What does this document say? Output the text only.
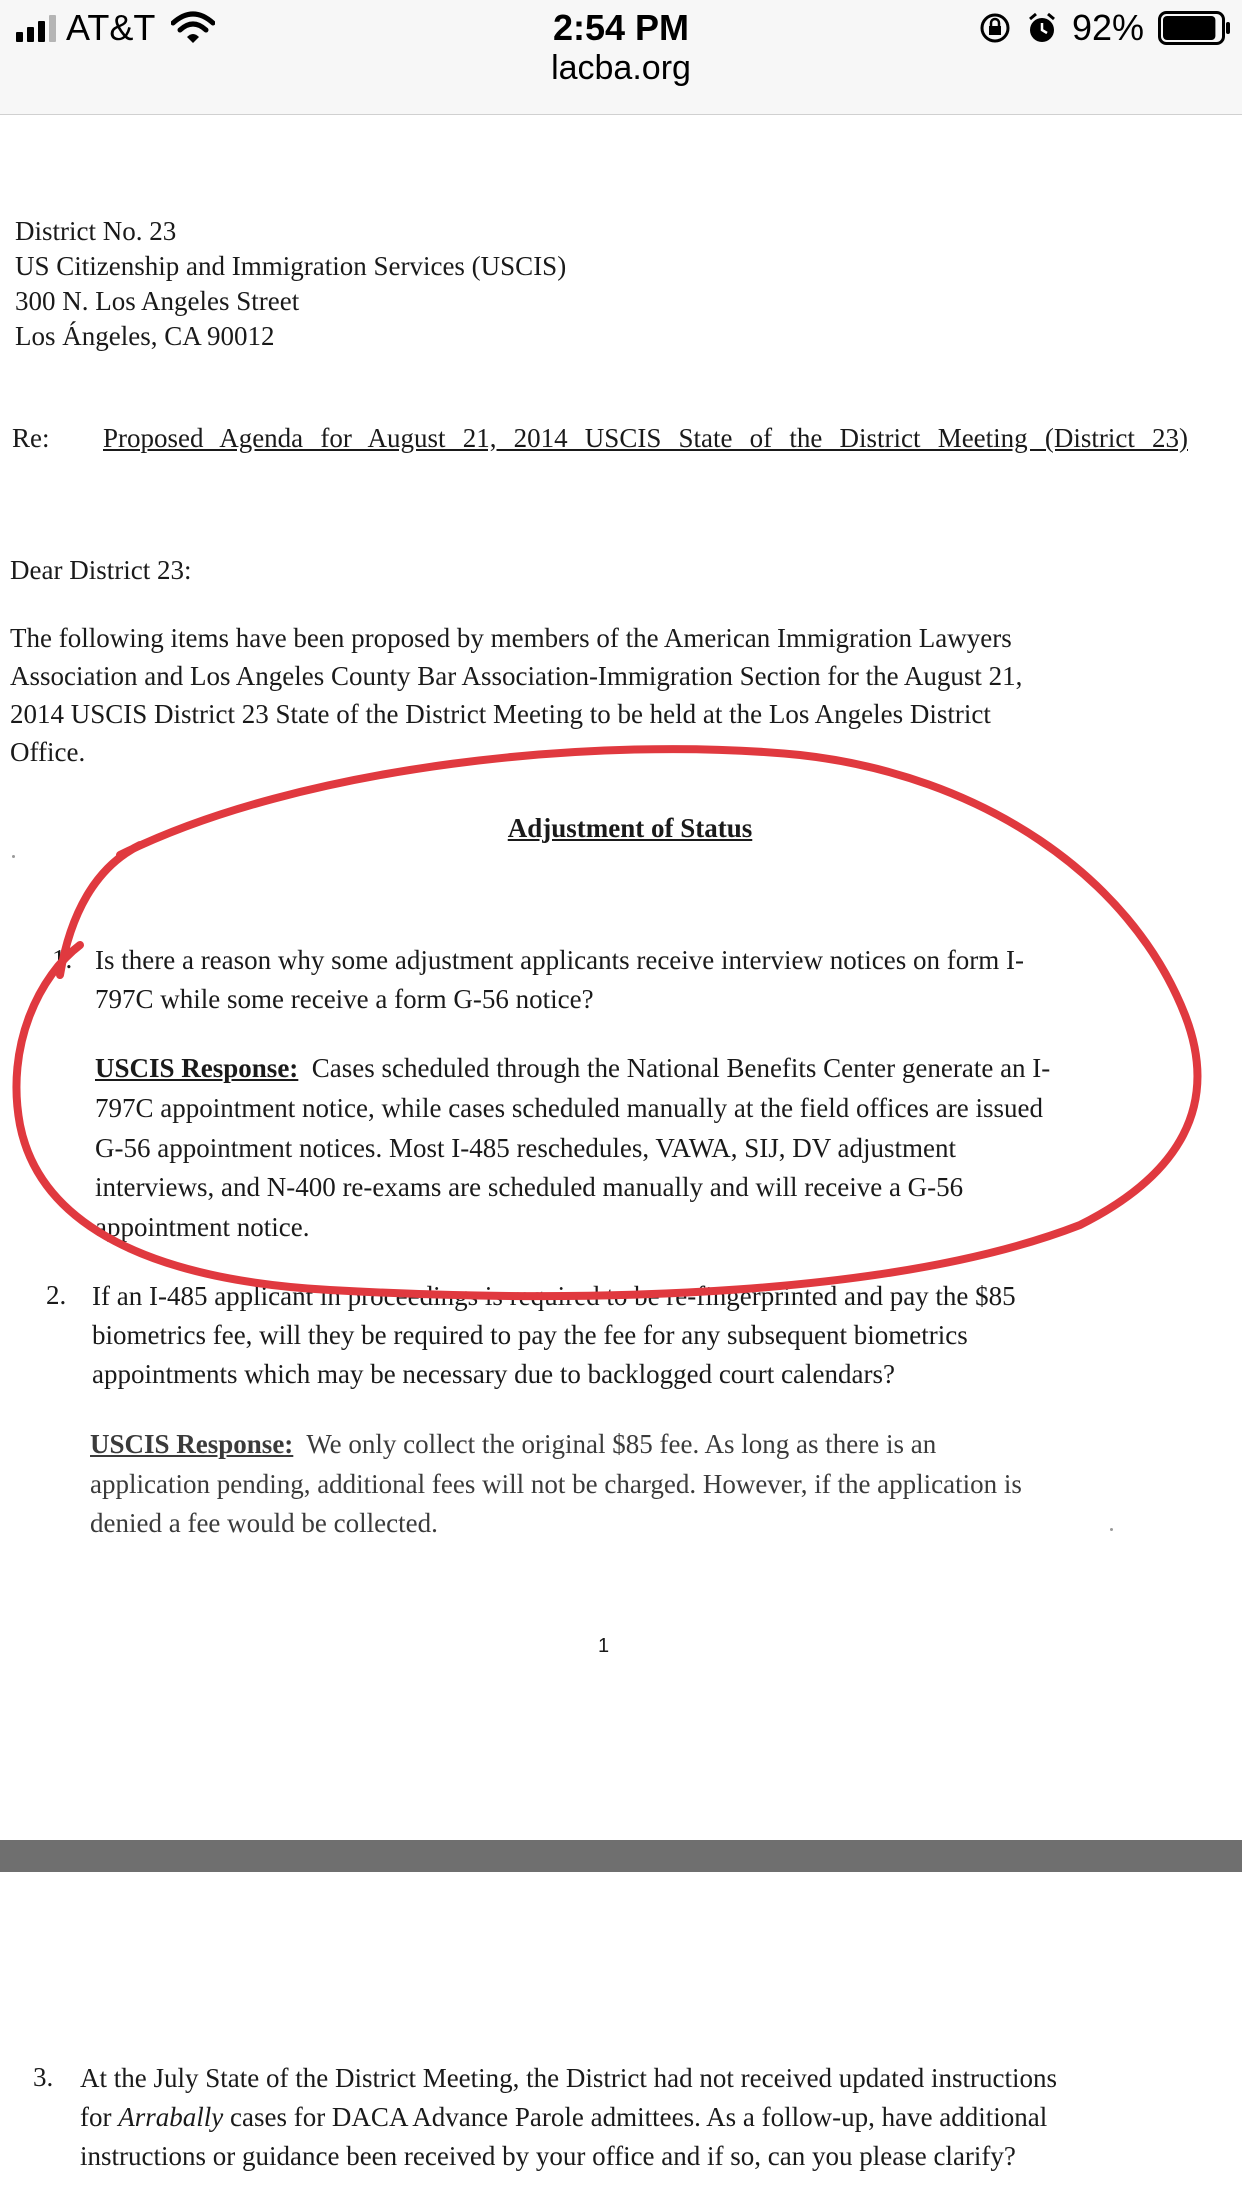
AT&T	2:54 PM
lacba.org
92%
District No. 23
US Citizenship and Immigration Services (USCIS)
300 N. Los Angeles Street
Los Ángeles, CA 90012
Re: Proposed Agenda for August 21, 2014 USCIS State of the District Meeting (District 23)
Dear District 23:
The following items have been proposed by members of the American Immigration Lawyers
Association and Los Angeles County Bar Association-Immigration Section for the August 21,
2014 USCIS District 23 State of the District Meeting to be held at the Los Angeles District
Office.
Adjustment of Status
1. Is there a reason why some adjustment applicants receive interview notices on form I-
797C while some receive a form G-56 notice?
USCIS Response: Cases scheduled through the National Benefits Center generate an I-
797C appointment notice, while cases scheduled manually at the field offices are issued
G-56 appointment notices. Most I-485 reschedules, VAWA, SIJ, DV adjustment
interviews, and N-400 re-exams are scheduled manually and will receive a G-56
appointment notice.
2. If an I-485 applicant in proceedings is required to be re-fingerprinted and pay the $85
biometrics fee, will they be required to pay the fee for any subsequent biometrics
appointments which may be necessary due to backlogged court calendars?
USCIS Response: We only collect the original $85 fee. As long as there is an
application pending, additional fees will not be charged. However, if the application is
denied a fee would be collected.
1
3. At the July State of the District Meeting, the District had not received updated instructions
for Arrabally cases for DACA Advance Parole admittees. As a follow-up, have additional
instructions or guidance been received by your office and if so, can you please clarify?
